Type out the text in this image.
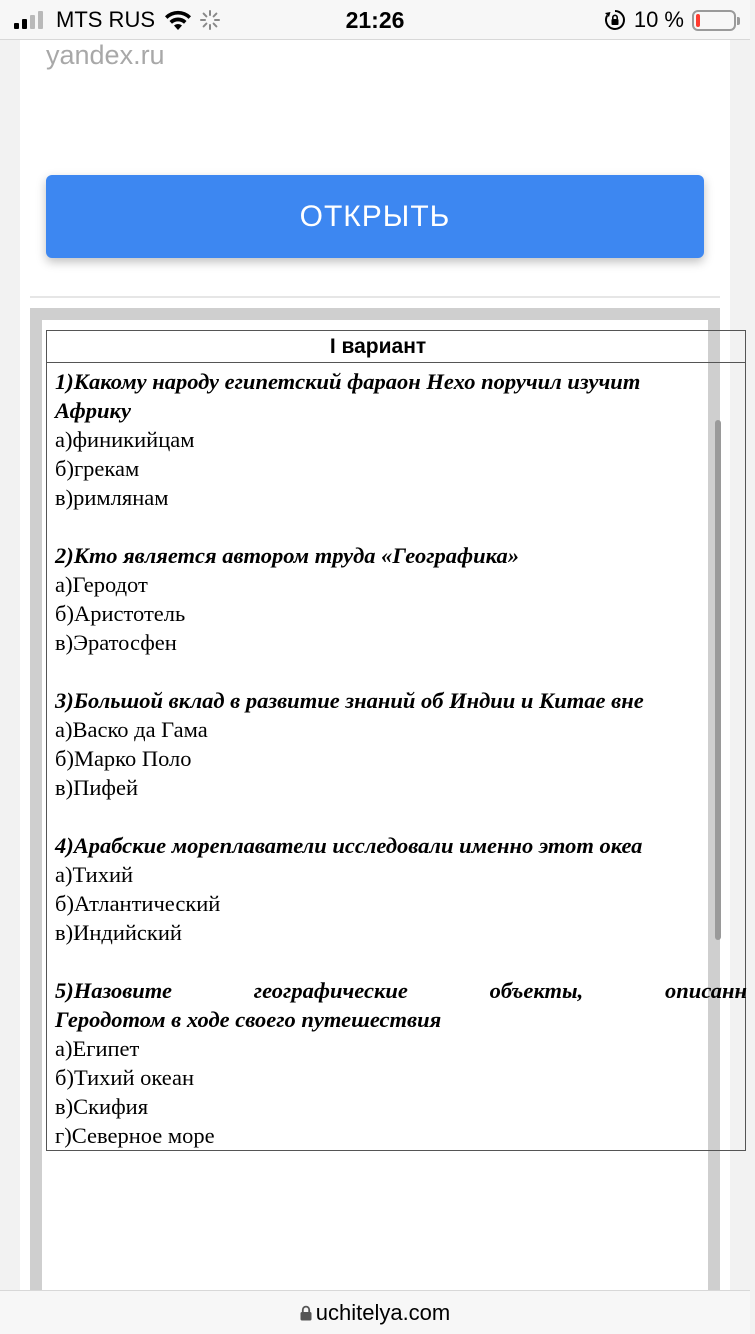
MTS RUS	21:26	10 %
yandex.ru
ОТКРЫТЬ
I вариант
1)Какому народу египетский фараон Нехо поручил изучит
Африку
а)финикийцам
б)грекам
в)римлянам
2)Кто является автором труда «Географика»
а)Геродот
б)Аристотель
в)Эратосфен
3)Большой вклад в развитие знаний об Индии и Китае вне
а)Васко да Гама
б)Марко Поло
в)Пифей
4)Арабские мореплаватели исследовали именно этот океа
а)Тихий
б)Атлантический
в)Индийский
5)Назовите	географические	объекты,	описанн
Геродотом в ходе своего путешествия
а)Египет
б)Тихий океан
в)Скифия
г)Северное море
uchitelya.com
